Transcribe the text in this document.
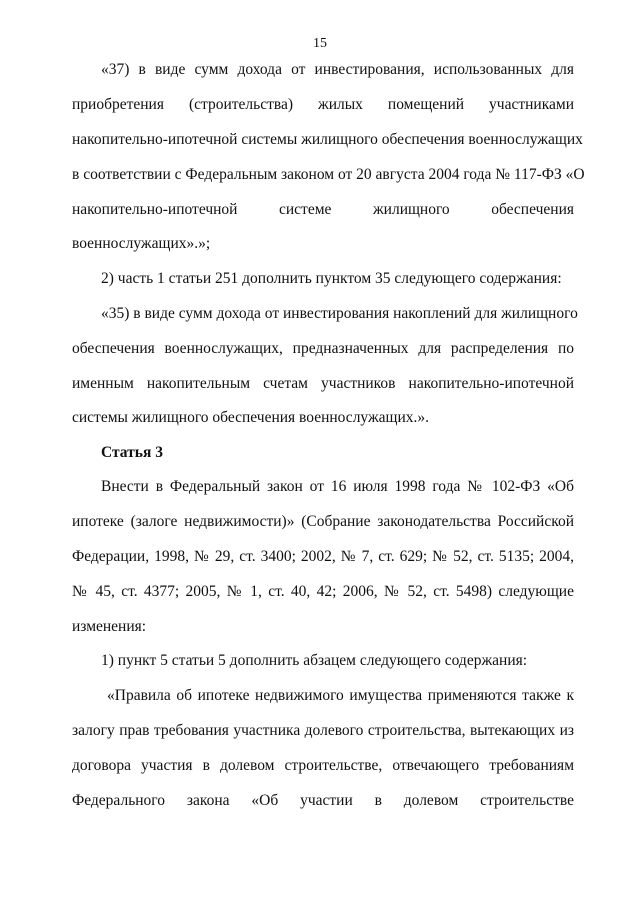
15
«37) в виде сумм дохода от инвестирования, использованных для
приобретения (строительства) жилых помещений участниками
накопительно-ипотечной системы жилищного обеспечения военнослужащих
в соответствии с Федеральным законом от 20 августа 2004 года № 117-ФЗ «О
накопительно-ипотечной системе жилищного обеспечения
военнослужащих».»;
2) часть 1 статьи 251 дополнить пунктом 35 следующего содержания:
«35) в виде сумм дохода от инвестирования накоплений для жилищного
обеспечения военнослужащих, предназначенных для распределения по
именным накопительным счетам участников накопительно-ипотечной
системы жилищного обеспечения военнослужащих.».
Статья 3
Внести в Федеральный закон от 16 июля 1998 года № 102-ФЗ «Об
ипотеке (залоге недвижимости)» (Собрание законодательства Российской
Федерации, 1998, № 29, ст. 3400; 2002, № 7, ст. 629; № 52, ст. 5135; 2004,
№ 45, ст. 4377; 2005, № 1, ст. 40, 42; 2006, № 52, ст. 5498) следующие
изменения:
1) пункт 5 статьи 5 дополнить абзацем следующего содержания:
«Правила об ипотеке недвижимого имущества применяются также к
залогу прав требования участника долевого строительства, вытекающих из
договора участия в долевом строительстве, отвечающего требованиям
Федерального закона «Об участии в долевом строительстве
